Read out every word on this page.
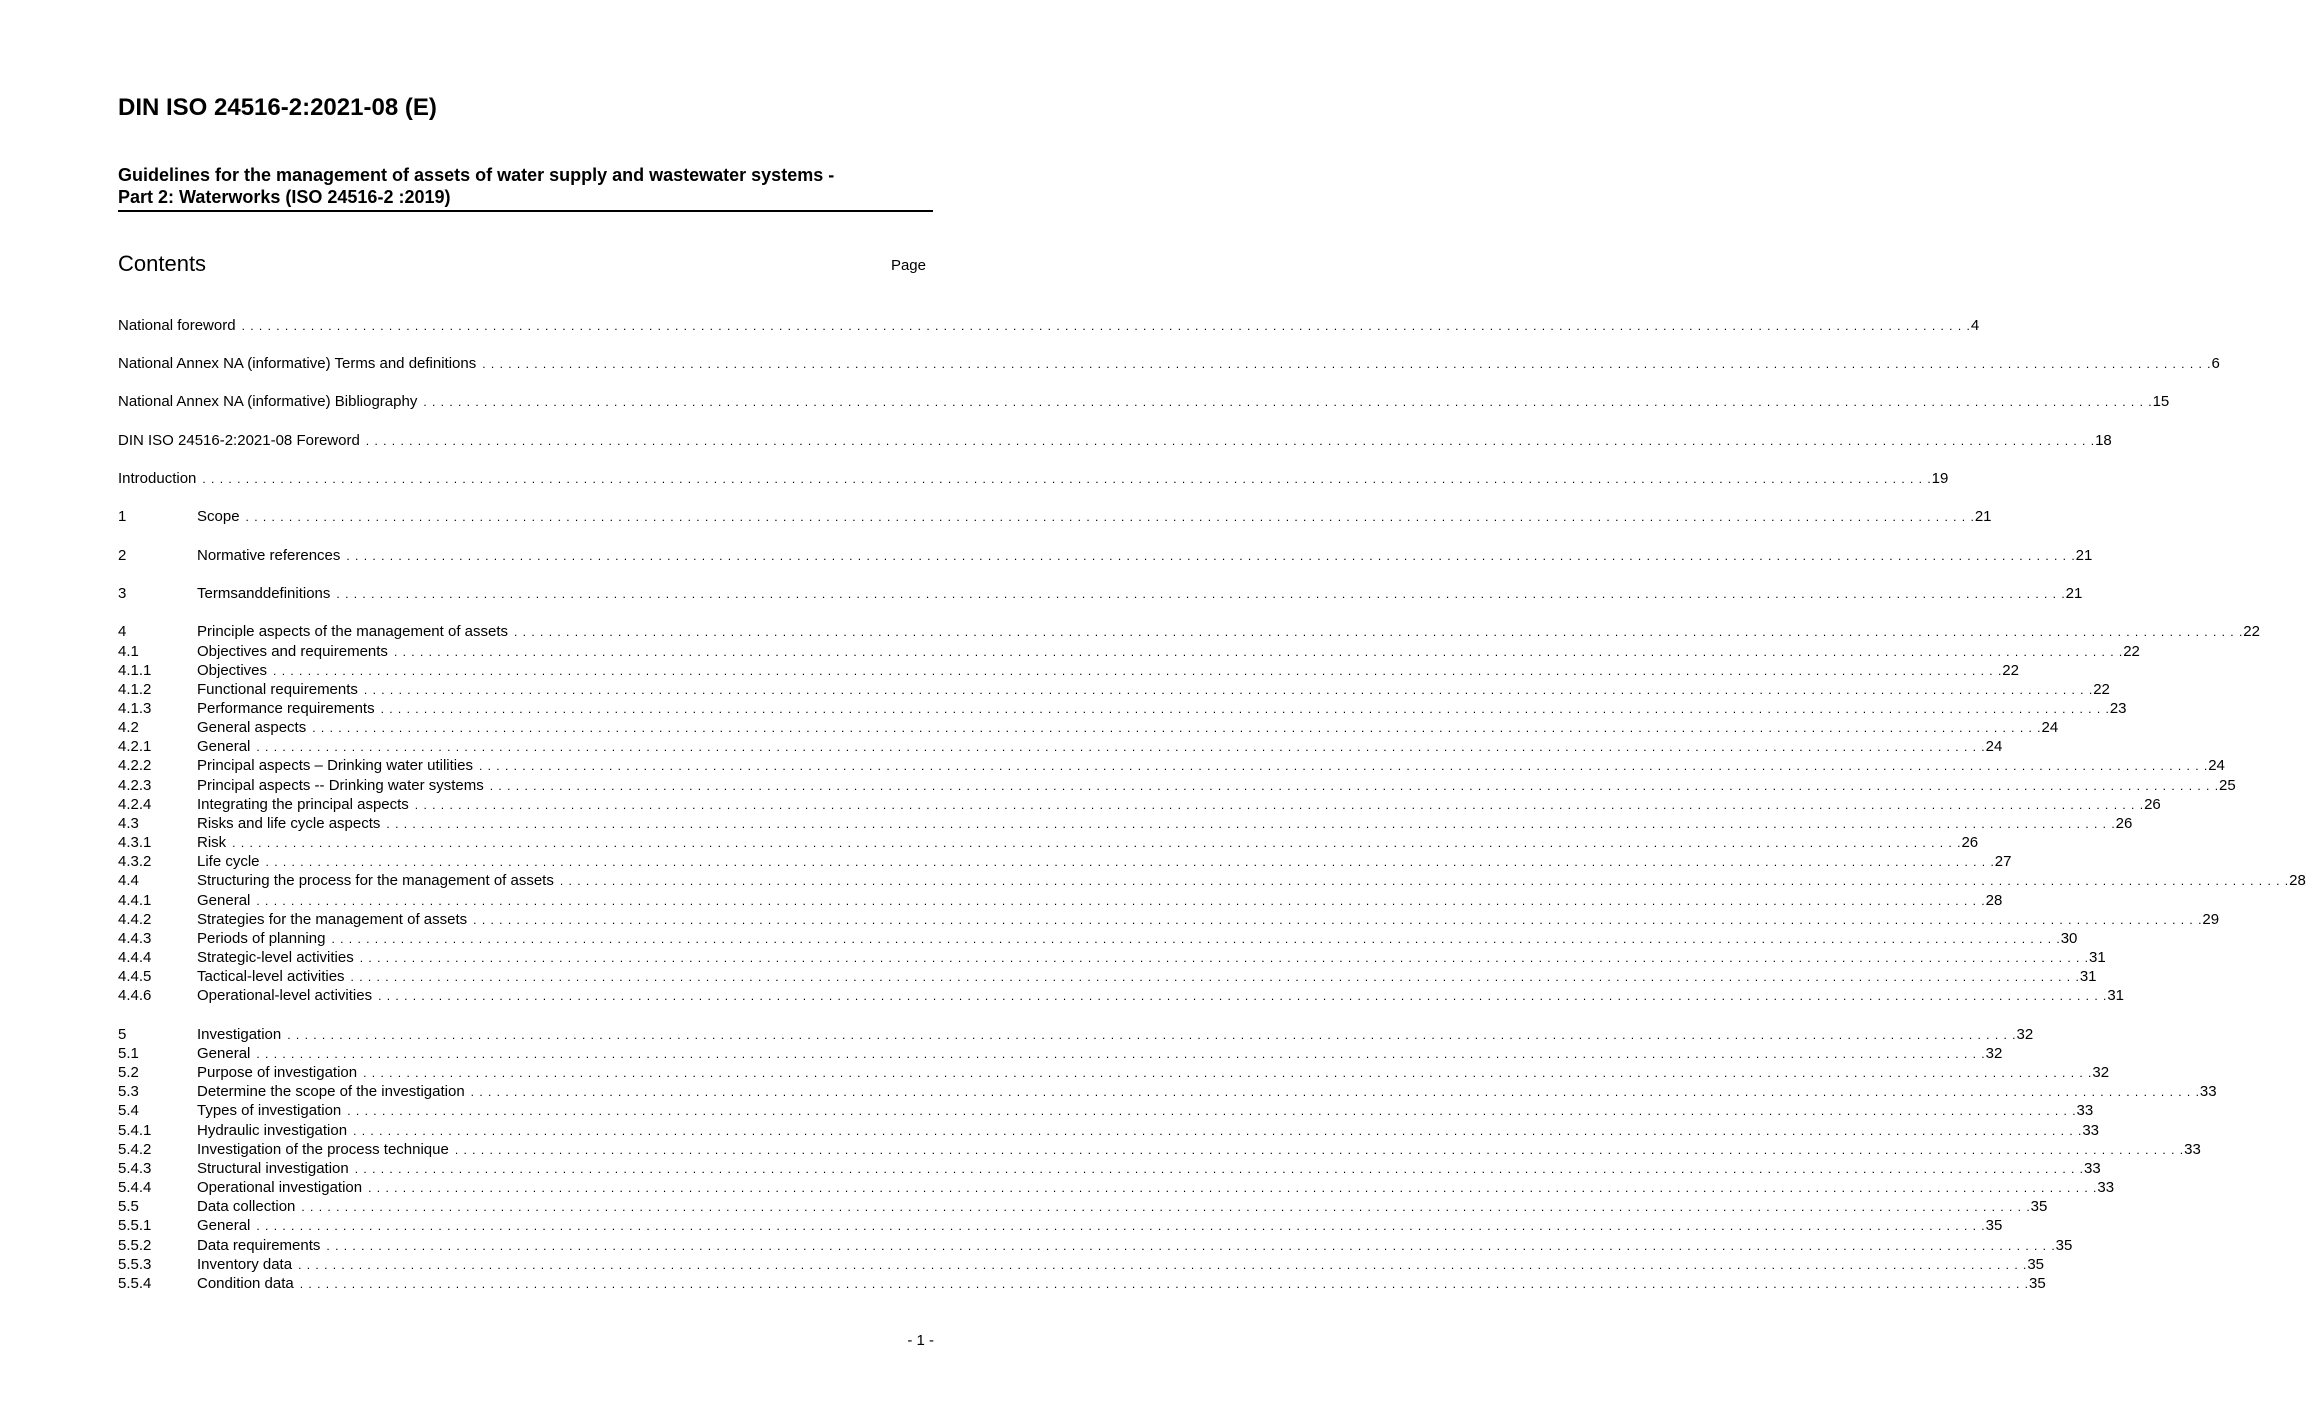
DIN ISO 24516-2:2021-08 (E)
Guidelines for the management of assets of water supply and wastewater systems -
Part 2: Waterworks (ISO 24516-2 :2019)
Contents	Page
National foreword . . . . . . . . . . . . . . . . . . . . . . . . . . . . . . . . . . . . . . . . . . . . . . . . . . . . . . . . . . . . . . . . . . . . . . . . . . . . . . . . . . . . . . . . . . . . . . . . . . . . . . . . . . . . . . . . . . . . . . . . . . . . . . . . . . . . . . . . . . . . . . . . . . . . . . . . . . . . . . . . . . . . . . . . . . . . . . . . . . . . . . . . . . . . . . . . . . . . . . . . 4
National Annex NA (informative) Terms and definitions . . . . . . . . . . . . . . . . . . . . . . . . . . . . . . . . . . . . . . . . . . . . . . . . . . . . . . . . . . . . . . . . . . . . . . . . . . . . . . . . . . . . . . . . . . . . . . . . . . . . . . . . . . . . . . . . . . . . . . . . . . . . . . . . . . . . . . . . . . . . . . . . . . . . . . . . . . . . . . . . . . . . . . . . . . . . . . . . . . . . . . . . . . . . . . . . . . . . . . . . 6
National Annex NA (informative) Bibliography . . . . . . . . . . . . . . . . . . . . . . . . . . . . . . . . . . . . . . . . . . . . . . . . . . . . . . . . . . . . . . . . . . . . . . . . . . . . . . . . . . . . . . . . . . . . . . . . . . . . . . . . . . . . . . . . . . . . . . . . . . . . . . . . . . . . . . . . . . . . . . . . . . . . . . . . . . . . . . . . . . . . . . . . . . . . . . . . . . . . . . . . . . . . . . . . . . . . . . . . 15
DIN ISO 24516-2:2021-08 Foreword . . . . . . . . . . . . . . . . . . . . . . . . . . . . . . . . . . . . . . . . . . . . . . . . . . . . . . . . . . . . . . . . . . . . . . . . . . . . . . . . . . . . . . . . . . . . . . . . . . . . . . . . . . . . . . . . . . . . . . . . . . . . . . . . . . . . . . . . . . . . . . . . . . . . . . . . . . . . . . . . . . . . . . . . . . . . . . . . . . . . . . . . . . . . . . . . . . . . . . . . 18
Introduction . . . . . . . . . . . . . . . . . . . . . . . . . . . . . . . . . . . . . . . . . . . . . . . . . . . . . . . . . . . . . . . . . . . . . . . . . . . . . . . . . . . . . . . . . . . . . . . . . . . . . . . . . . . . . . . . . . . . . . . . . . . . . . . . . . . . . . . . . . . . . . . . . . . . . . . . . . . . . . . . . . . . . . . . . . . . . . . . . . . . . . . . . . . . . . . . . . . . . . . . 19
1	Scope . . . . . . . . . . . . . . . . . . . . . . . . . . . . . . . . . . . . . . . . . . . . . . . . . . . . . . . . . . . . . . . . . . . . . . . . . . . . . . . . . . . . . . . . . . . . . . . . . . . . . . . . . . . . . . . . . . . . . . . . . . . . . . . . . . . . . . . . . . . . . . . . . . . . . . . . . . . . . . . . . . . . . . . . . . . . . . . . . . . . . . . . . . . . . . . . . . . . . . . . 21
2	Normative references . . . . . . . . . . . . . . . . . . . . . . . . . . . . . . . . . . . . . . . . . . . . . . . . . . . . . . . . . . . . . . . . . . . . . . . . . . . . . . . . . . . . . . . . . . . . . . . . . . . . . . . . . . . . . . . . . . . . . . . . . . . . . . . . . . . . . . . . . . . . . . . . . . . . . . . . . . . . . . . . . . . . . . . . . . . . . . . . . . . . . . . . . . . . . . . . . . . . . . . . 21
3	Termsanddefinitions . . . . . . . . . . . . . . . . . . . . . . . . . . . . . . . . . . . . . . . . . . . . . . . . . . . . . . . . . . . . . . . . . . . . . . . . . . . . . . . . . . . . . . . . . . . . . . . . . . . . . . . . . . . . . . . . . . . . . . . . . . . . . . . . . . . . . . . . . . . . . . . . . . . . . . . . . . . . . . . . . . . . . . . . . . . . . . . . . . . . . . . . . . . . . . . . . . . . . . . . 21
4	Principle aspects of the management of assets . . . . . . . . . . . . . . . . . . . . . . . . . . . . . . . . . . . . . . . . . . . . . . . . . . . . . . . . . . . . . . . . . . . . . . . . . . . . . . . . . . . . . . . . . . . . . . . . . . . . . . . . . . . . . . . . . . . . . . . . . . . . . . . . . . . . . . . . . . . . . . . . . . . . . . . . . . . . . . . . . . . . . . . . . . . . . . . . . . . . . . . . . . . . . . . . . . . . . . . . 22
4.1	Objectives and requirements . . . . . . . . . . . . . . . . . . . . . . . . . . . . . . . . . . . . . . . . . . . . . . . . . . . . . . . . . . . . . . . . . . . . . . . . . . . . . . . . . . . . . . . . . . . . . . . . . . . . . . . . . . . . . . . . . . . . . . . . . . . . . . . . . . . . . . . . . . . . . . . . . . . . . . . . . . . . . . . . . . . . . . . . . . . . . . . . . . . . . . . . . . . . . . . . . . . . . . . . 22
4.1.1	Objectives . . . . . . . . . . . . . . . . . . . . . . . . . . . . . . . . . . . . . . . . . . . . . . . . . . . . . . . . . . . . . . . . . . . . . . . . . . . . . . . . . . . . . . . . . . . . . . . . . . . . . . . . . . . . . . . . . . . . . . . . . . . . . . . . . . . . . . . . . . . . . . . . . . . . . . . . . . . . . . . . . . . . . . . . . . . . . . . . . . . . . . . . . . . . . . . . . . . . . . . . 22
4.1.2	Functional requirements . . . . . . . . . . . . . . . . . . . . . . . . . . . . . . . . . . . . . . . . . . . . . . . . . . . . . . . . . . . . . . . . . . . . . . . . . . . . . . . . . . . . . . . . . . . . . . . . . . . . . . . . . . . . . . . . . . . . . . . . . . . . . . . . . . . . . . . . . . . . . . . . . . . . . . . . . . . . . . . . . . . . . . . . . . . . . . . . . . . . . . . . . . . . . . . . . . . . . . . . 22
4.1.3	Performance requirements . . . . . . . . . . . . . . . . . . . . . . . . . . . . . . . . . . . . . . . . . . . . . . . . . . . . . . . . . . . . . . . . . . . . . . . . . . . . . . . . . . . . . . . . . . . . . . . . . . . . . . . . . . . . . . . . . . . . . . . . . . . . . . . . . . . . . . . . . . . . . . . . . . . . . . . . . . . . . . . . . . . . . . . . . . . . . . . . . . . . . . . . . . . . . . . . . . . . . . . . 23
4.2	General aspects . . . . . . . . . . . . . . . . . . . . . . . . . . . . . . . . . . . . . . . . . . . . . . . . . . . . . . . . . . . . . . . . . . . . . . . . . . . . . . . . . . . . . . . . . . . . . . . . . . . . . . . . . . . . . . . . . . . . . . . . . . . . . . . . . . . . . . . . . . . . . . . . . . . . . . . . . . . . . . . . . . . . . . . . . . . . . . . . . . . . . . . . . . . . . . . . . . . . . . . . 24
4.2.1	General . . . . . . . . . . . . . . . . . . . . . . . . . . . . . . . . . . . . . . . . . . . . . . . . . . . . . . . . . . . . . . . . . . . . . . . . . . . . . . . . . . . . . . . . . . . . . . . . . . . . . . . . . . . . . . . . . . . . . . . . . . . . . . . . . . . . . . . . . . . . . . . . . . . . . . . . . . . . . . . . . . . . . . . . . . . . . . . . . . . . . . . . . . . . . . . . . . . . . . . . 24
4.2.2	Principal aspects – Drinking water utilities . . . . . . . . . . . . . . . . . . . . . . . . . . . . . . . . . . . . . . . . . . . . . . . . . . . . . . . . . . . . . . . . . . . . . . . . . . . . . . . . . . . . . . . . . . . . . . . . . . . . . . . . . . . . . . . . . . . . . . . . . . . . . . . . . . . . . . . . . . . . . . . . . . . . . . . . . . . . . . . . . . . . . . . . . . . . . . . . . . . . . . . . . . . . . . . . . . . . . . . . 24
4.2.3	Principal aspects -- Drinking water systems . . . . . . . . . . . . . . . . . . . . . . . . . . . . . . . . . . . . . . . . . . . . . . . . . . . . . . . . . . . . . . . . . . . . . . . . . . . . . . . . . . . . . . . . . . . . . . . . . . . . . . . . . . . . . . . . . . . . . . . . . . . . . . . . . . . . . . . . . . . . . . . . . . . . . . . . . . . . . . . . . . . . . . . . . . . . . . . . . . . . . . . . . . . . . . . . . . . . . . . . 25
4.2.4	Integrating the principal aspects . . . . . . . . . . . . . . . . . . . . . . . . . . . . . . . . . . . . . . . . . . . . . . . . . . . . . . . . . . . . . . . . . . . . . . . . . . . . . . . . . . . . . . . . . . . . . . . . . . . . . . . . . . . . . . . . . . . . . . . . . . . . . . . . . . . . . . . . . . . . . . . . . . . . . . . . . . . . . . . . . . . . . . . . . . . . . . . . . . . . . . . . . . . . . . . . . . . . . . . . 26
4.3	Risks and life cycle aspects . . . . . . . . . . . . . . . . . . . . . . . . . . . . . . . . . . . . . . . . . . . . . . . . . . . . . . . . . . . . . . . . . . . . . . . . . . . . . . . . . . . . . . . . . . . . . . . . . . . . . . . . . . . . . . . . . . . . . . . . . . . . . . . . . . . . . . . . . . . . . . . . . . . . . . . . . . . . . . . . . . . . . . . . . . . . . . . . . . . . . . . . . . . . . . . . . . . . . . . . 26
4.3.1	Risk . . . . . . . . . . . . . . . . . . . . . . . . . . . . . . . . . . . . . . . . . . . . . . . . . . . . . . . . . . . . . . . . . . . . . . . . . . . . . . . . . . . . . . . . . . . . . . . . . . . . . . . . . . . . . . . . . . . . . . . . . . . . . . . . . . . . . . . . . . . . . . . . . . . . . . . . . . . . . . . . . . . . . . . . . . . . . . . . . . . . . . . . . . . . . . . . . . . . . . . . 26
4.3.2	Life cycle . . . . . . . . . . . . . . . . . . . . . . . . . . . . . . . . . . . . . . . . . . . . . . . . . . . . . . . . . . . . . . . . . . . . . . . . . . . . . . . . . . . . . . . . . . . . . . . . . . . . . . . . . . . . . . . . . . . . . . . . . . . . . . . . . . . . . . . . . . . . . . . . . . . . . . . . . . . . . . . . . . . . . . . . . . . . . . . . . . . . . . . . . . . . . . . . . . . . . . . . 27
4.4	Structuring the process for the management of assets . . . . . . . . . . . . . . . . . . . . . . . . . . . . . . . . . . . . . . . . . . . . . . . . . . . . . . . . . . . . . . . . . . . . . . . . . . . . . . . . . . . . . . . . . . . . . . . . . . . . . . . . . . . . . . . . . . . . . . . . . . . . . . . . . . . . . . . . . . . . . . . . . . . . . . . . . . . . . . . . . . . . . . . . . . . . . . . . . . . . . . . . . . . . . . . . . . . . . . . . 28
4.4.1	General . . . . . . . . . . . . . . . . . . . . . . . . . . . . . . . . . . . . . . . . . . . . . . . . . . . . . . . . . . . . . . . . . . . . . . . . . . . . . . . . . . . . . . . . . . . . . . . . . . . . . . . . . . . . . . . . . . . . . . . . . . . . . . . . . . . . . . . . . . . . . . . . . . . . . . . . . . . . . . . . . . . . . . . . . . . . . . . . . . . . . . . . . . . . . . . . . . . . . . . . 28
4.4.2	Strategies for the management of assets . . . . . . . . . . . . . . . . . . . . . . . . . . . . . . . . . . . . . . . . . . . . . . . . . . . . . . . . . . . . . . . . . . . . . . . . . . . . . . . . . . . . . . . . . . . . . . . . . . . . . . . . . . . . . . . . . . . . . . . . . . . . . . . . . . . . . . . . . . . . . . . . . . . . . . . . . . . . . . . . . . . . . . . . . . . . . . . . . . . . . . . . . . . . . . . . . . . . . . . . 29
4.4.3	Periods of planning . . . . . . . . . . . . . . . . . . . . . . . . . . . . . . . . . . . . . . . . . . . . . . . . . . . . . . . . . . . . . . . . . . . . . . . . . . . . . . . . . . . . . . . . . . . . . . . . . . . . . . . . . . . . . . . . . . . . . . . . . . . . . . . . . . . . . . . . . . . . . . . . . . . . . . . . . . . . . . . . . . . . . . . . . . . . . . . . . . . . . . . . . . . . . . . . . . . . . . . . 30
4.4.4	Strategic-level activities . . . . . . . . . . . . . . . . . . . . . . . . . . . . . . . . . . . . . . . . . . . . . . . . . . . . . . . . . . . . . . . . . . . . . . . . . . . . . . . . . . . . . . . . . . . . . . . . . . . . . . . . . . . . . . . . . . . . . . . . . . . . . . . . . . . . . . . . . . . . . . . . . . . . . . . . . . . . . . . . . . . . . . . . . . . . . . . . . . . . . . . . . . . . . . . . . . . . . . . . 31
4.4.5	Tactical-level activities . . . . . . . . . . . . . . . . . . . . . . . . . . . . . . . . . . . . . . . . . . . . . . . . . . . . . . . . . . . . . . . . . . . . . . . . . . . . . . . . . . . . . . . . . . . . . . . . . . . . . . . . . . . . . . . . . . . . . . . . . . . . . . . . . . . . . . . . . . . . . . . . . . . . . . . . . . . . . . . . . . . . . . . . . . . . . . . . . . . . . . . . . . . . . . . . . . . . . . . . 31
4.4.6	Operational-level activities . . . . . . . . . . . . . . . . . . . . . . . . . . . . . . . . . . . . . . . . . . . . . . . . . . . . . . . . . . . . . . . . . . . . . . . . . . . . . . . . . . . . . . . . . . . . . . . . . . . . . . . . . . . . . . . . . . . . . . . . . . . . . . . . . . . . . . . . . . . . . . . . . . . . . . . . . . . . . . . . . . . . . . . . . . . . . . . . . . . . . . . . . . . . . . . . . . . . . . . . 31
5	Investigation . . . . . . . . . . . . . . . . . . . . . . . . . . . . . . . . . . . . . . . . . . . . . . . . . . . . . . . . . . . . . . . . . . . . . . . . . . . . . . . . . . . . . . . . . . . . . . . . . . . . . . . . . . . . . . . . . . . . . . . . . . . . . . . . . . . . . . . . . . . . . . . . . . . . . . . . . . . . . . . . . . . . . . . . . . . . . . . . . . . . . . . . . . . . . . . . . . . . . . . . 32
5.1	General . . . . . . . . . . . . . . . . . . . . . . . . . . . . . . . . . . . . . . . . . . . . . . . . . . . . . . . . . . . . . . . . . . . . . . . . . . . . . . . . . . . . . . . . . . . . . . . . . . . . . . . . . . . . . . . . . . . . . . . . . . . . . . . . . . . . . . . . . . . . . . . . . . . . . . . . . . . . . . . . . . . . . . . . . . . . . . . . . . . . . . . . . . . . . . . . . . . . . . . . 32
5.2	Purpose of investigation . . . . . . . . . . . . . . . . . . . . . . . . . . . . . . . . . . . . . . . . . . . . . . . . . . . . . . . . . . . . . . . . . . . . . . . . . . . . . . . . . . . . . . . . . . . . . . . . . . . . . . . . . . . . . . . . . . . . . . . . . . . . . . . . . . . . . . . . . . . . . . . . . . . . . . . . . . . . . . . . . . . . . . . . . . . . . . . . . . . . . . . . . . . . . . . . . . . . . . . . 32
5.3	Determine the scope of the investigation . . . . . . . . . . . . . . . . . . . . . . . . . . . . . . . . . . . . . . . . . . . . . . . . . . . . . . . . . . . . . . . . . . . . . . . . . . . . . . . . . . . . . . . . . . . . . . . . . . . . . . . . . . . . . . . . . . . . . . . . . . . . . . . . . . . . . . . . . . . . . . . . . . . . . . . . . . . . . . . . . . . . . . . . . . . . . . . . . . . . . . . . . . . . . . . . . . . . . . . . 33
5.4	Types of investigation . . . . . . . . . . . . . . . . . . . . . . . . . . . . . . . . . . . . . . . . . . . . . . . . . . . . . . . . . . . . . . . . . . . . . . . . . . . . . . . . . . . . . . . . . . . . . . . . . . . . . . . . . . . . . . . . . . . . . . . . . . . . . . . . . . . . . . . . . . . . . . . . . . . . . . . . . . . . . . . . . . . . . . . . . . . . . . . . . . . . . . . . . . . . . . . . . . . . . . . . 33
5.4.1	Hydraulic investigation . . . . . . . . . . . . . . . . . . . . . . . . . . . . . . . . . . . . . . . . . . . . . . . . . . . . . . . . . . . . . . . . . . . . . . . . . . . . . . . . . . . . . . . . . . . . . . . . . . . . . . . . . . . . . . . . . . . . . . . . . . . . . . . . . . . . . . . . . . . . . . . . . . . . . . . . . . . . . . . . . . . . . . . . . . . . . . . . . . . . . . . . . . . . . . . . . . . . . . . . 33
5.4.2	Investigation of the process technique . . . . . . . . . . . . . . . . . . . . . . . . . . . . . . . . . . . . . . . . . . . . . . . . . . . . . . . . . . . . . . . . . . . . . . . . . . . . . . . . . . . . . . . . . . . . . . . . . . . . . . . . . . . . . . . . . . . . . . . . . . . . . . . . . . . . . . . . . . . . . . . . . . . . . . . . . . . . . . . . . . . . . . . . . . . . . . . . . . . . . . . . . . . . . . . . . . . . . . . . 33
5.4.3	Structural investigation . . . . . . . . . . . . . . . . . . . . . . . . . . . . . . . . . . . . . . . . . . . . . . . . . . . . . . . . . . . . . . . . . . . . . . . . . . . . . . . . . . . . . . . . . . . . . . . . . . . . . . . . . . . . . . . . . . . . . . . . . . . . . . . . . . . . . . . . . . . . . . . . . . . . . . . . . . . . . . . . . . . . . . . . . . . . . . . . . . . . . . . . . . . . . . . . . . . . . . . . 33
5.4.4	Operational investigation . . . . . . . . . . . . . . . . . . . . . . . . . . . . . . . . . . . . . . . . . . . . . . . . . . . . . . . . . . . . . . . . . . . . . . . . . . . . . . . . . . . . . . . . . . . . . . . . . . . . . . . . . . . . . . . . . . . . . . . . . . . . . . . . . . . . . . . . . . . . . . . . . . . . . . . . . . . . . . . . . . . . . . . . . . . . . . . . . . . . . . . . . . . . . . . . . . . . . . . . 33
5.5	Data collection . . . . . . . . . . . . . . . . . . . . . . . . . . . . . . . . . . . . . . . . . . . . . . . . . . . . . . . . . . . . . . . . . . . . . . . . . . . . . . . . . . . . . . . . . . . . . . . . . . . . . . . . . . . . . . . . . . . . . . . . . . . . . . . . . . . . . . . . . . . . . . . . . . . . . . . . . . . . . . . . . . . . . . . . . . . . . . . . . . . . . . . . . . . . . . . . . . . . . . . . 35
5.5.1	General . . . . . . . . . . . . . . . . . . . . . . . . . . . . . . . . . . . . . . . . . . . . . . . . . . . . . . . . . . . . . . . . . . . . . . . . . . . . . . . . . . . . . . . . . . . . . . . . . . . . . . . . . . . . . . . . . . . . . . . . . . . . . . . . . . . . . . . . . . . . . . . . . . . . . . . . . . . . . . . . . . . . . . . . . . . . . . . . . . . . . . . . . . . . . . . . . . . . . . . . 35
5.5.2	Data requirements . . . . . . . . . . . . . . . . . . . . . . . . . . . . . . . . . . . . . . . . . . . . . . . . . . . . . . . . . . . . . . . . . . . . . . . . . . . . . . . . . . . . . . . . . . . . . . . . . . . . . . . . . . . . . . . . . . . . . . . . . . . . . . . . . . . . . . . . . . . . . . . . . . . . . . . . . . . . . . . . . . . . . . . . . . . . . . . . . . . . . . . . . . . . . . . . . . . . . . . . 35
5.5.3	Inventory data . . . . . . . . . . . . . . . . . . . . . . . . . . . . . . . . . . . . . . . . . . . . . . . . . . . . . . . . . . . . . . . . . . . . . . . . . . . . . . . . . . . . . . . . . . . . . . . . . . . . . . . . . . . . . . . . . . . . . . . . . . . . . . . . . . . . . . . . . . . . . . . . . . . . . . . . . . . . . . . . . . . . . . . . . . . . . . . . . . . . . . . . . . . . . . . . . . . . . . . . 35
5.5.4	Condition data . . . . . . . . . . . . . . . . . . . . . . . . . . . . . . . . . . . . . . . . . . . . . . . . . . . . . . . . . . . . . . . . . . . . . . . . . . . . . . . . . . . . . . . . . . . . . . . . . . . . . . . . . . . . . . . . . . . . . . . . . . . . . . . . . . . . . . . . . . . . . . . . . . . . . . . . . . . . . . . . . . . . . . . . . . . . . . . . . . . . . . . . . . . . . . . . . . . . . . . . 35
- 1 -
